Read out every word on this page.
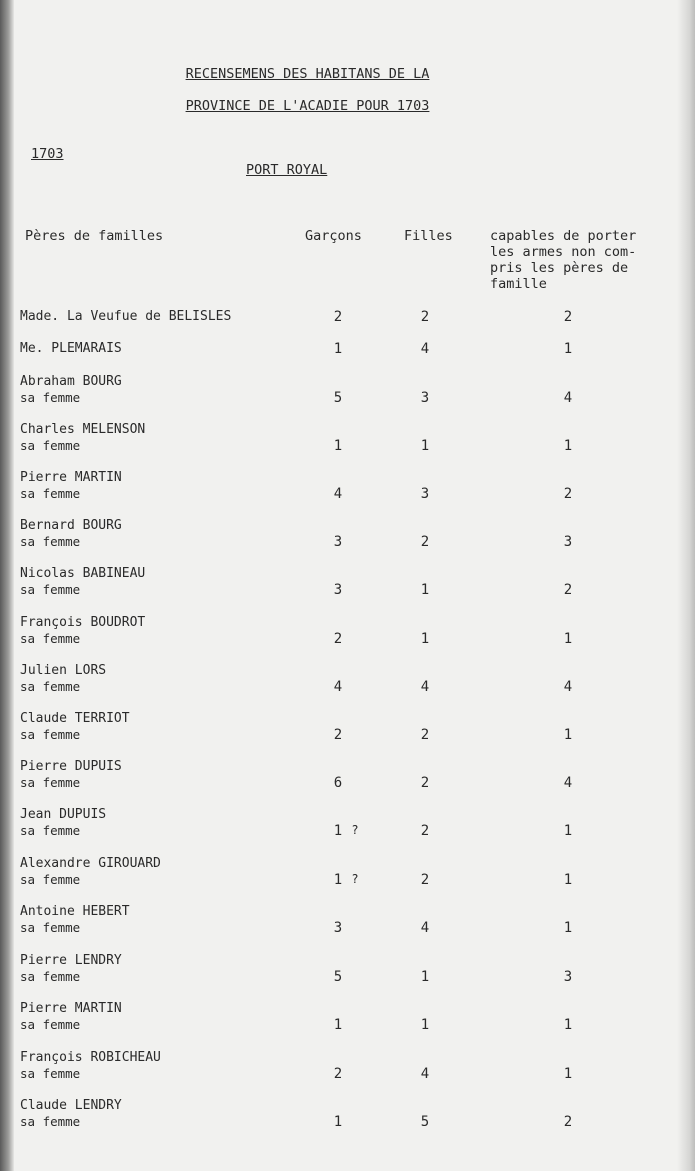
RECENSEMENS DES HABITANS DE LA
PROVINCE DE L'ACADIE POUR 1703
1703
PORT ROYAL
Pères de familles	Garçons	Filles	capables de porter
les armes non com-
pris les pères de
famille
Made. La Veufue de BELISLES	2	2	2
Me. PLEMARAIS	1	4	1
Abraham BOURG
sa femme	5	3	4
Charles MELENSON
sa femme	1	1	1
Pierre MARTIN
sa femme	4	3	2
Bernard BOURG
sa femme	3	2	3
Nicolas BABINEAU
sa femme	3	1	2
François BOUDROT
sa femme	2	1	1
Julien LORS
sa femme	4	4	4
Claude TERRIOT
sa femme	2	2	1
Pierre DUPUIS
sa femme	6	2	4
Jean DUPUIS
sa femme	1 ?	2	1
Alexandre GIROUARD
sa femme	1 ?	2	1
Antoine HEBERT
sa femme	3	4	1
Pierre LENDRY
sa femme	5	1	3
Pierre MARTIN
sa femme	1	1	1
François ROBICHEAU
sa femme	2	4	1
Claude LENDRY
sa femme	1	5	2
